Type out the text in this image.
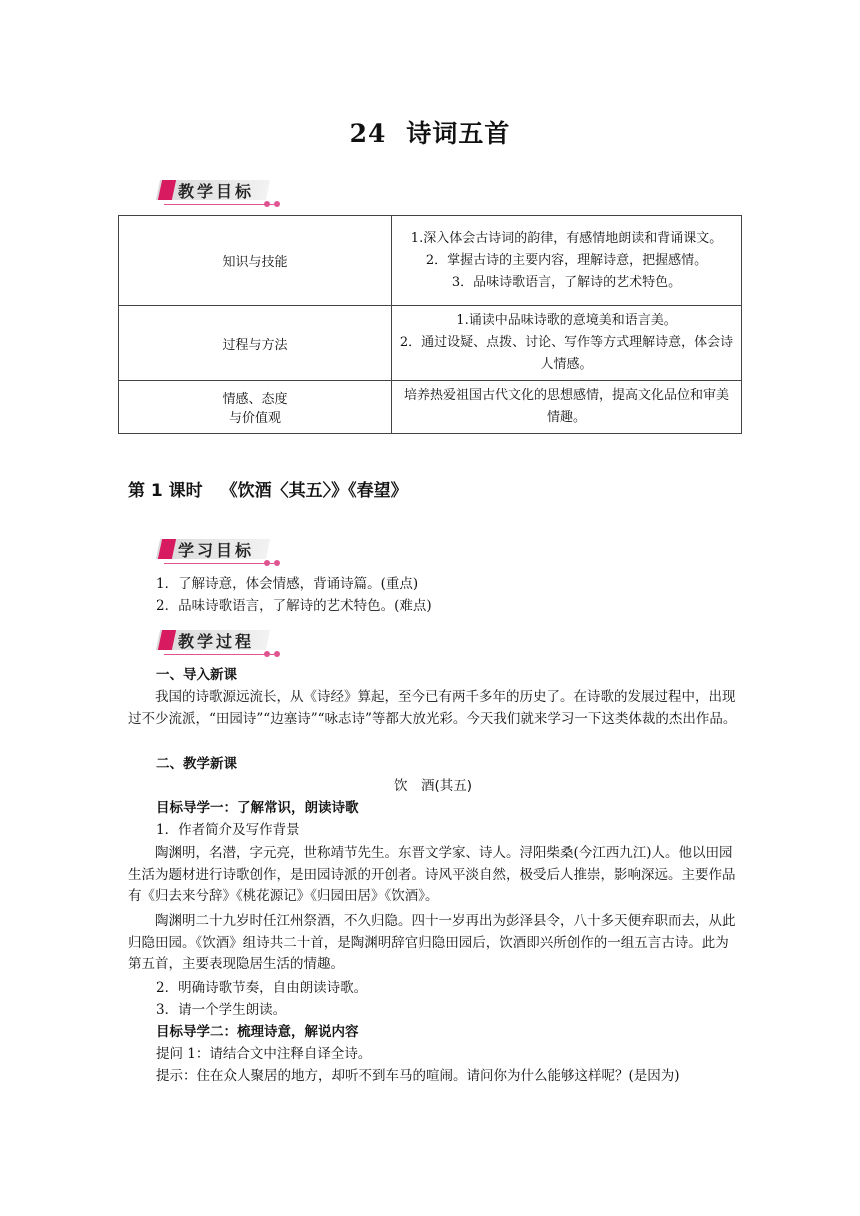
24 诗词五首
教学目标
知识与技能	1.深入体会古诗词的韵律，有感情地朗读和背诵课文。
2．掌握古诗的主要内容，理解诗意，把握感情。
3．品味诗歌语言，了解诗的艺术特色。

过程与方法	1.诵读中品味诗歌的意境美和语言美。
2．通过设疑、点拨、讨论、写作等方式理解诗意，体会诗人情感。

情感、态度
与价值观	培养热爱祖国古代文化的思想感情，提高文化品位和审美情趣。
第 1 课时 《饮酒〈其五〉》《春望》
学习目标
1．了解诗意，体会情感，背诵诗篇。(重点)
2．品味诗歌语言，了解诗的艺术特色。(难点)
教学过程
一、导入新课
我国的诗歌源远流长，从《诗经》算起，至今已有两千多年的历史了。在诗歌的发展过程中，出现过不少流派，“田园诗”“边塞诗”“咏志诗”等都大放光彩。今天我们就来学习一下这类体裁的杰出作品。
二、教学新课
饮　酒(其五)
目标导学一：了解常识，朗读诗歌
1．作者简介及写作背景
陶渊明，名潜，字元亮，世称靖节先生。东晋文学家、诗人。浔阳柴桑(今江西九江)人。他以田园生活为题材进行诗歌创作，是田园诗派的开创者。诗风平淡自然，极受后人推崇，影响深远。主要作品有《归去来兮辞》《桃花源记》《归园田居》《饮酒》。
陶渊明二十九岁时任江州祭酒，不久归隐。四十一岁再出为彭泽县令，八十多天便弃职而去，从此归隐田园。《饮酒》组诗共二十首，是陶渊明辞官归隐田园后，饮酒即兴所创作的一组五言古诗。此为第五首，主要表现隐居生活的情趣。
2．明确诗歌节奏，自由朗读诗歌。
3．请一个学生朗读。
目标导学二：梳理诗意，解说内容
提问 1：请结合文中注释自译全诗。
提示：住在众人聚居的地方，却听不到车马的喧闹。请问你为什么能够这样呢？(是因为)
